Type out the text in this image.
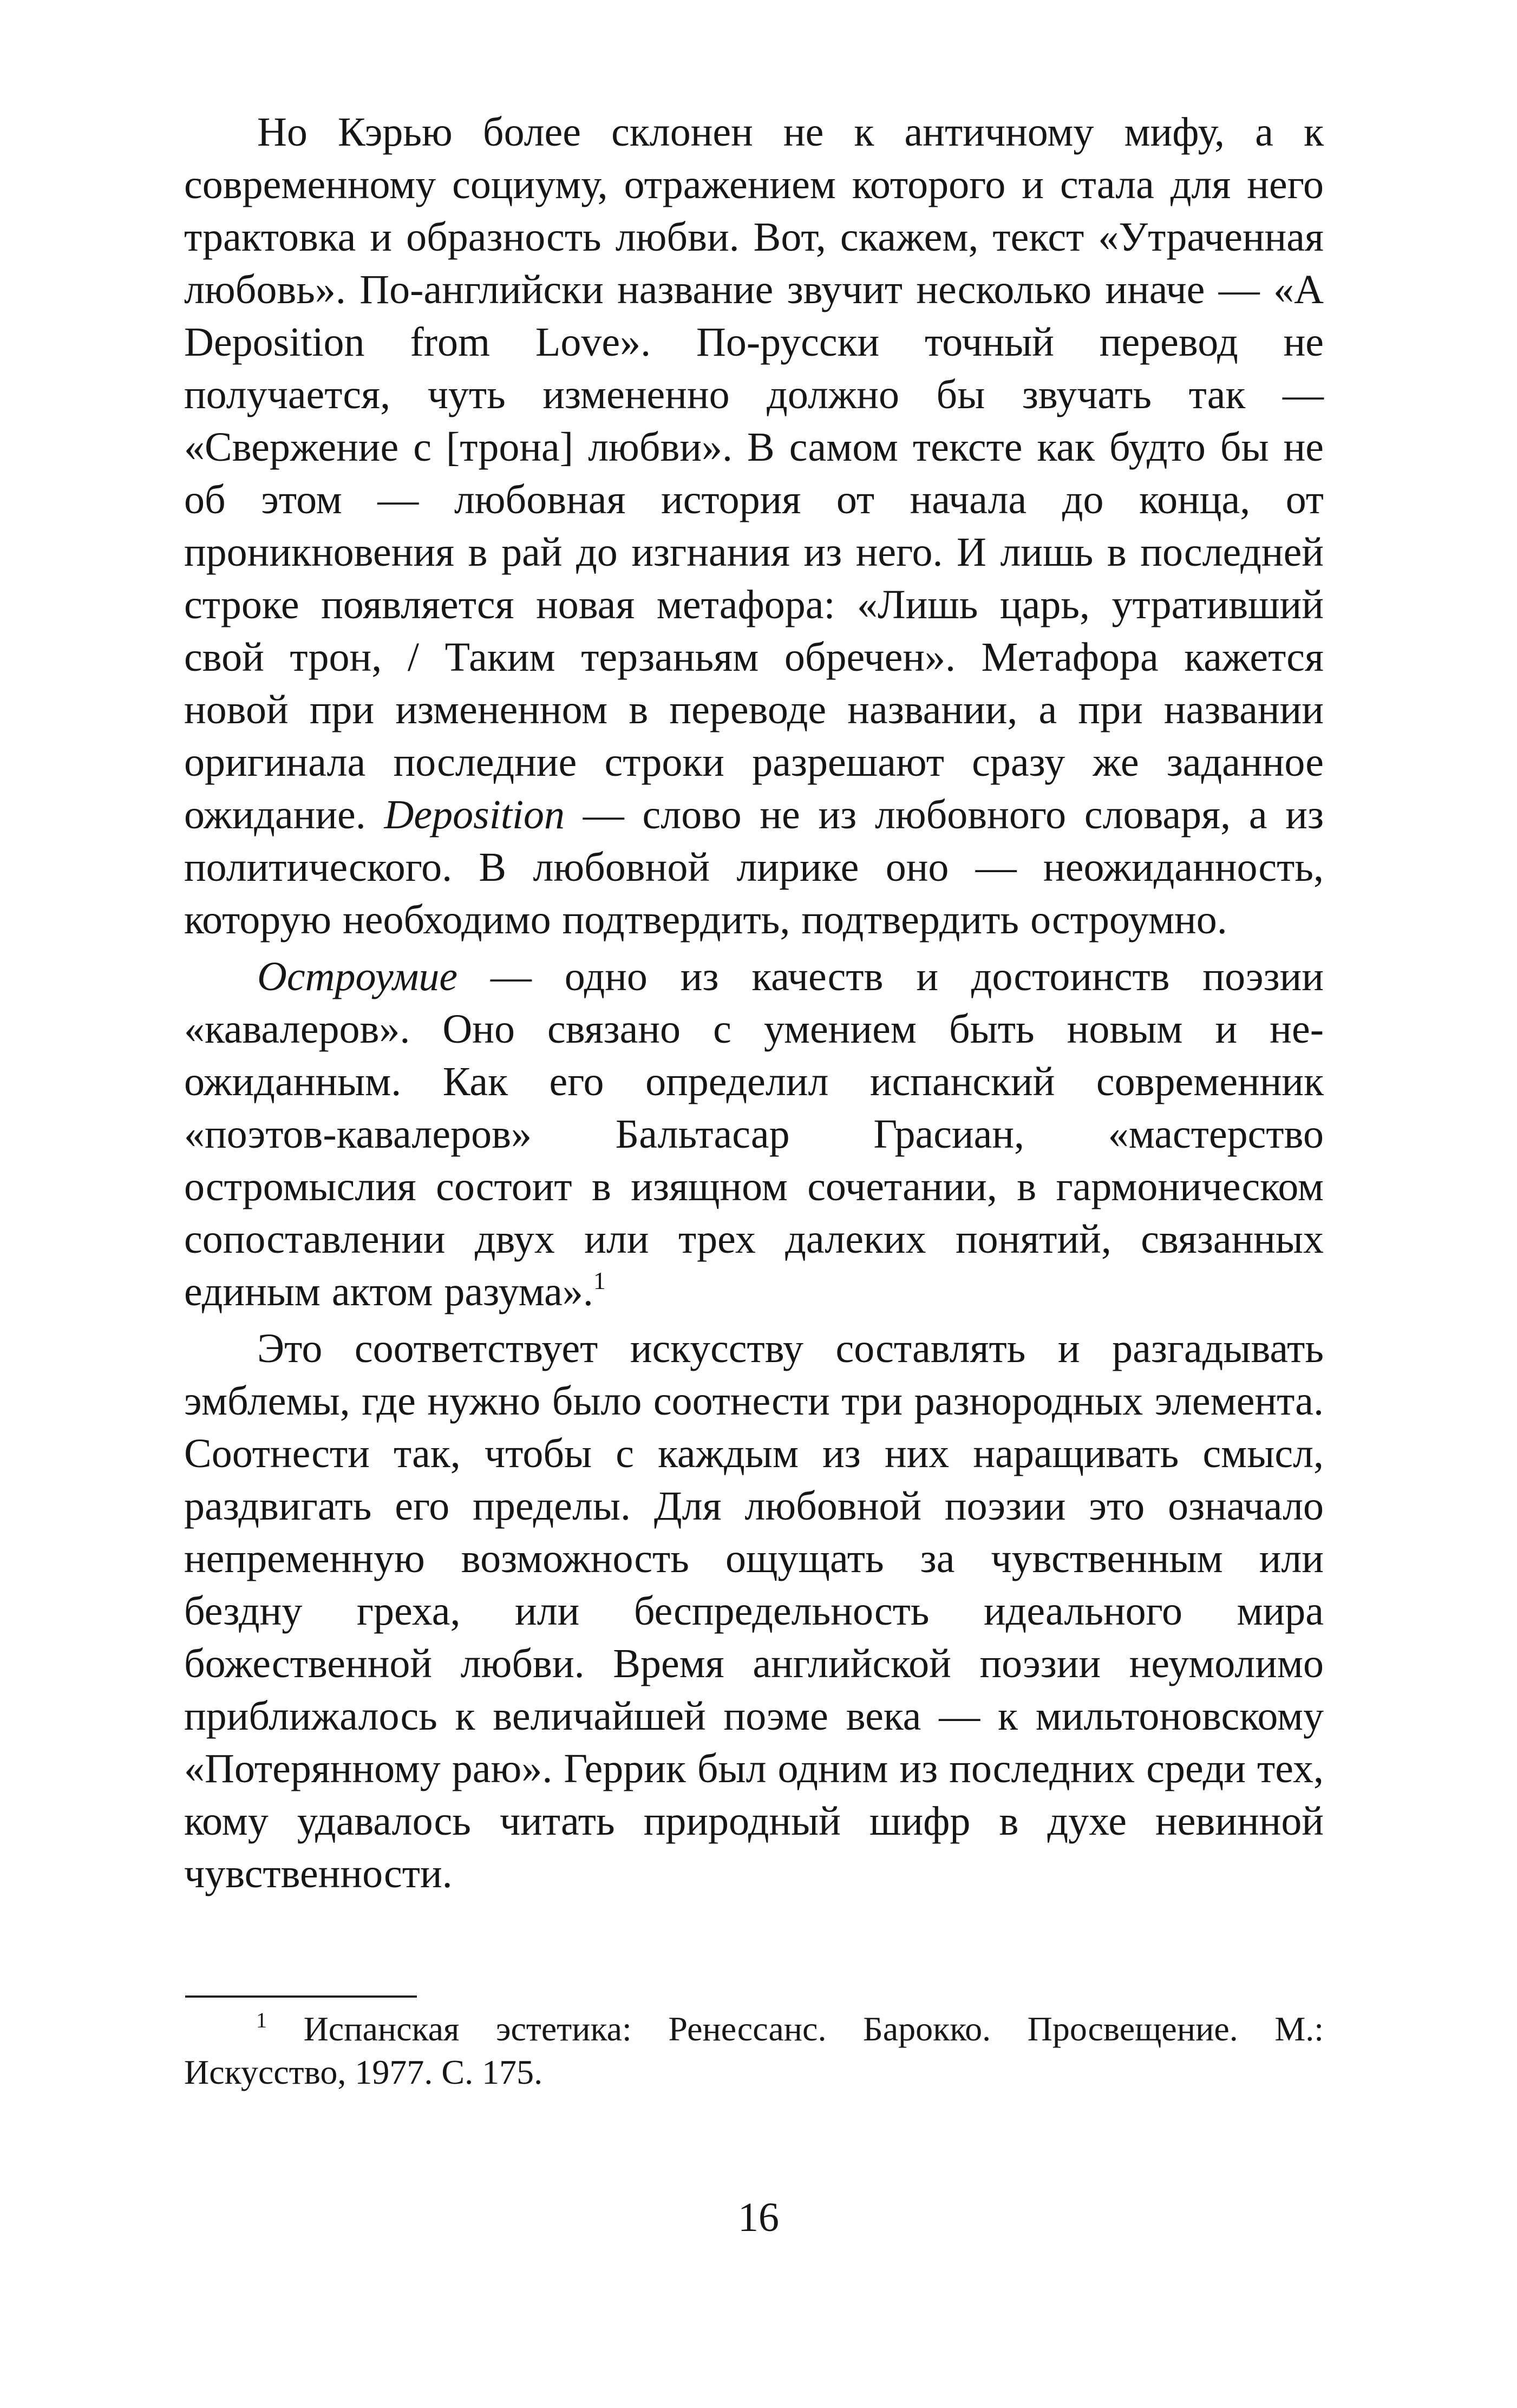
Но Кэрью более склонен не к античному мифу, а к современному социуму, отражением которого и стала для него трактовка и образность любви. Вот, скажем, текст «Утраченная любовь». По-английски название звучит несколько иначе — «A Deposition from Love». По-русски точный перевод не получается, чуть измененно должно бы звучать так — «Свержение с [трона] любви». В самом тексте как будто бы не об этом — любовная история от начала до конца, от проникновения в рай до изгнания из него. И лишь в последней строке появляется новая метафора: «Лишь царь, утративший свой трон, / Таким терзаньям обречен». Метафора кажется новой при измененном в переводе названии, а при названии оригинала последние строки разрешают сразу же заданное ожидание. Deposition — слово не из любовного словаря, а из политического. В любовной лирике оно — неожиданность, которую необходимо подтвердить, подтвердить остроумно.

Остроумие — одно из качеств и достоинств поэзии «кавалеров». Оно связано с умением быть новым и неожиданным. Как его определил испанский современник «поэтов-кавалеров» Бальтасар Грасиан, «мастерство остромыслия состоит в изящном сочетании, в гармоническом сопоставлении двух или трех далеких понятий, связанных единым актом разума».$^1$

Это соответствует искусству составлять и разгадывать эмблемы, где нужно было соотнести три разнородных элемента. Соотнести так, чтобы с каждым из них наращивать смысл, раздвигать его пределы. Для любовной поэзии это означало непременную возможность ощущать за чувственным или бездну греха, или беспредельность идеального мира божественной любви. Время английской поэзии неумолимо приближалось к величайшей поэме века — к мильтоновскому «Потерянному раю». Геррик был одним из последних среди тех, кому удавалось читать природный шифр в духе невинной чувственности.

$^1$ Испанская эстетика: Ренессанс. Барокко. Просвещение. М.: Искусство, 1977. С. 175.

16
